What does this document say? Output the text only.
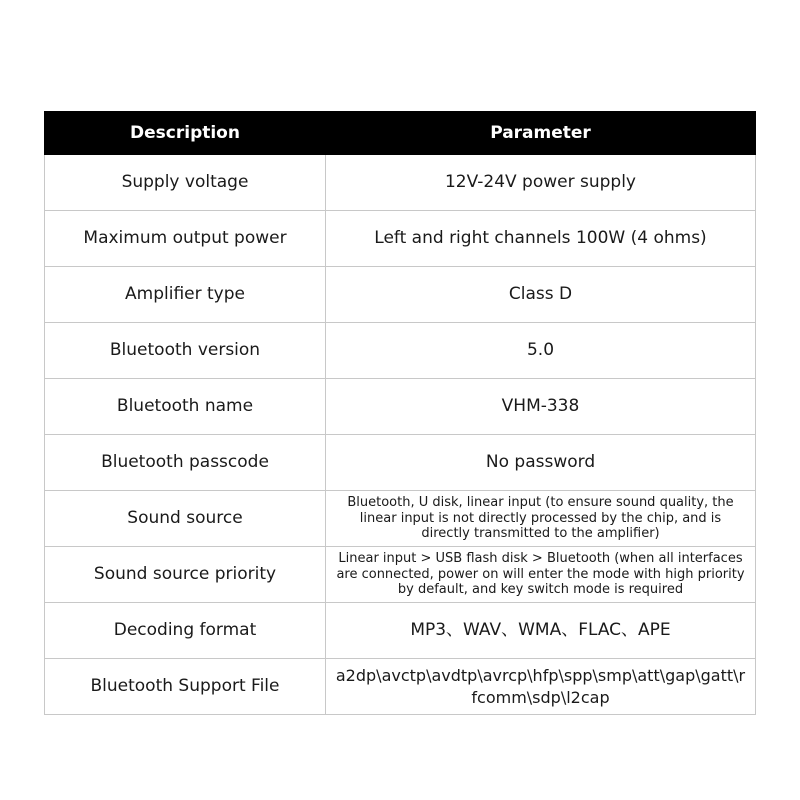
Description	Parameter
Supply voltage	12V-24V power supply
Maximum output power	Left and right channels 100W (4 ohms)
Amplifier type	Class D
Bluetooth version	5.0
Bluetooth name	VHM-338
Bluetooth passcode	No password
Sound source	Bluetooth, U disk, linear input (to ensure sound quality, the linear input is not directly processed by the chip, and is directly transmitted to the amplifier)
Sound source priority	Linear input > USB flash disk > Bluetooth (when all interfaces are connected, power on will enter the mode with high priority by default, and key switch mode is required
Decoding format	MP3、WAV、WMA、FLAC、APE
Bluetooth Support File	a2dp\avctp\avdtp\avrcp\hfp\spp\smp\att\gap\gatt\rfcomm\sdp\l2cap
